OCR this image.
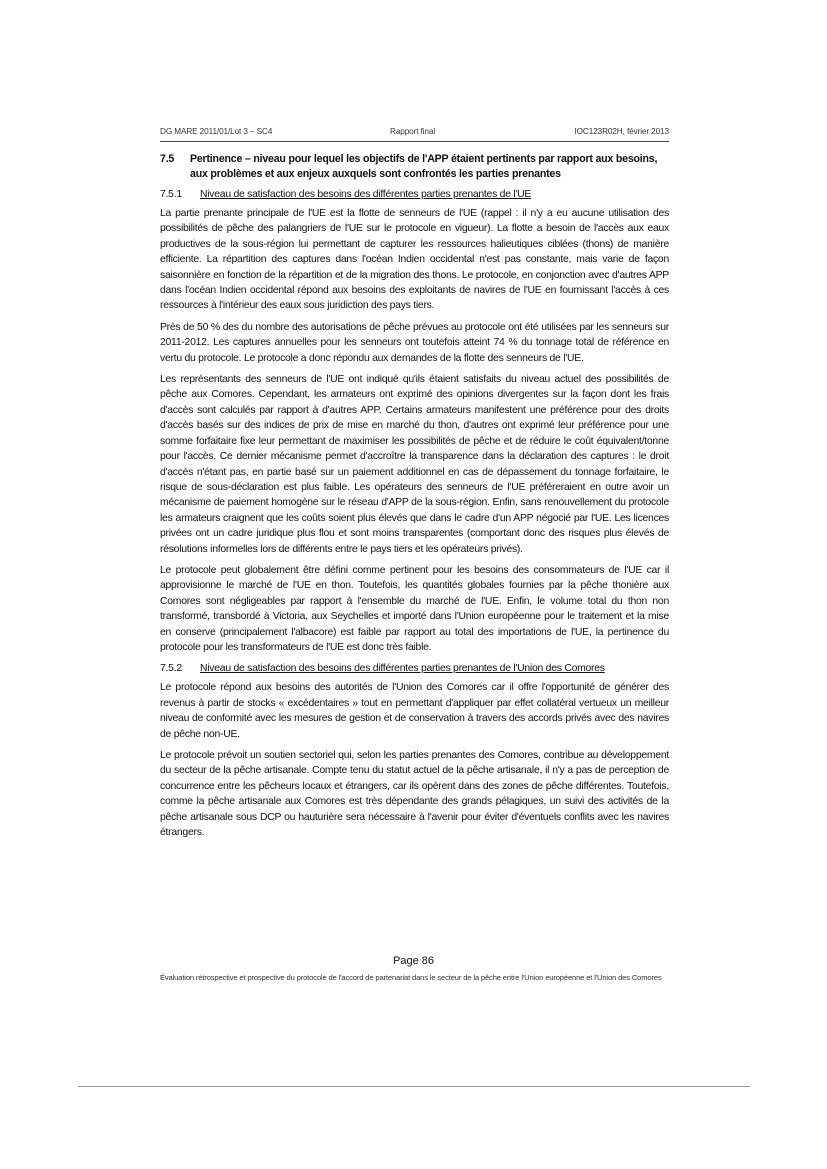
DG MARE 2011/01/Lot 3 – SC4	Rapport final	IOC123R02H, février 2013
7.5	Pertinence – niveau pour lequel les objectifs de l'APP étaient pertinents par rapport aux besoins, aux problèmes et aux enjeux auxquels sont confrontés les parties prenantes
7.5.1	Niveau de satisfaction des besoins des différentes parties prenantes de l'UE

La partie prenante principale de l'UE est la flotte de senneurs de l'UE (rappel : il n'y a eu aucune utilisation des possibilités de pêche des palangriers de l'UE sur le protocole en vigueur). La flotte a besoin de l'accès aux eaux productives de la sous-région lui permettant de capturer les ressources halieutiques ciblées (thons) de manière efficiente. La répartition des captures dans l'océan Indien occidental n'est pas constante, mais varie de façon saisonnière en fonction de la répartition et de la migration des thons. Le protocole, en conjonction avec d'autres APP dans l'océan Indien occidental répond aux besoins des exploitants de navires de l'UE en fournissant l'accès à ces ressources à l'intérieur des eaux sous juridiction des pays tiers.

Près de 50 % des du nombre des autorisations de pêche prévues au protocole ont été utilisées par les senneurs sur 2011-2012. Les captures annuelles pour les senneurs ont toutefois atteint 74 % du tonnage total de référence en vertu du protocole. Le protocole a donc répondu aux demandes de la flotte des senneurs de l'UE.

Les représentants des senneurs de l'UE ont indiqué qu'ils étaient satisfaits du niveau actuel des possibilités de pêche aux Comores. Cependant, les armateurs ont exprimé des opinions divergentes sur la façon dont les frais d'accès sont calculés par rapport à d'autres APP. Certains armateurs manifestent une préférence pour des droits d'accès basés sur des indices de prix de mise en marché du thon, d'autres ont exprimé leur préférence pour une somme forfaitaire fixe leur permettant de maximiser les possibilités de pêche et de réduire le coût équivalent/tonne pour l'accès. Ce dernier mécanisme permet d'accroître la transparence dans la déclaration des captures : le droit d'accès n'étant pas, en partie basé sur un paiement additionnel en cas de dépassement du tonnage forfaitaire, le risque de sous-déclaration est plus faible. Les opérateurs des senneurs de l'UE préféreraient en outre avoir un mécanisme de paiement homogène sur le réseau d'APP de la sous-région. Enfin, sans renouvellement du protocole les armateurs craignent que les coûts soient plus élevés que dans le cadre d'un APP négocié par l'UE. Les licences privées ont un cadre juridique plus flou et sont moins transparentes (comportant donc des risques plus élevés de résolutions informelles lors de différents entre le pays tiers et les opérateurs privés).

Le protocole peut globalement être défini comme pertinent pour les besoins des consommateurs de l'UE car il approvisionne le marché de l'UE en thon. Toutefois, les quantités globales fournies par la pêche thonière aux Comores sont négligeables par rapport à l'ensemble du marché de l'UE. Enfin, le volume total du thon non transformé, transbordé à Victoria, aux Seychelles et importé dans l'Union européenne pour le traitement et la mise en conserve (principalement l'albacore) est faible par rapport au total des importations de l'UE, la pertinence du protocole pour les transformateurs de l'UE est donc très faible.

7.5.2	Niveau de satisfaction des besoins des différentes parties prenantes de l'Union des Comores

Le protocole répond aux besoins des autorités de l'Union des Comores car il offre l'opportunité de générer des revenus à partir de stocks « excédentaires » tout en permettant d'appliquer par effet collatéral vertueux un meilleur niveau de conformité avec les mesures de gestion et de conservation à travers des accords privés avec des navires de pêche non-UE.

Le protocole prévoit un soutien sectoriel qui, selon les parties prenantes des Comores, contribue au développement du secteur de la pêche artisanale. Compte tenu du statut actuel de la pêche artisanale, il n'y a pas de perception de concurrence entre les pêcheurs locaux et étrangers, car ils opèrent dans des zones de pêche différentes. Toutefois, comme la pêche artisanale aux Comores est très dépendante des grands pélagiques, un suivi des activités de la pêche artisanale sous DCP ou hauturière sera nécessaire à l'avenir pour éviter d'éventuels conflits avec les navires étrangers.

Page 86
Évaluation rétrospective et prospective du protocole de l'accord de partenariat dans le secteur de la pêche entre l'Union européenne et l'Union des Comores
